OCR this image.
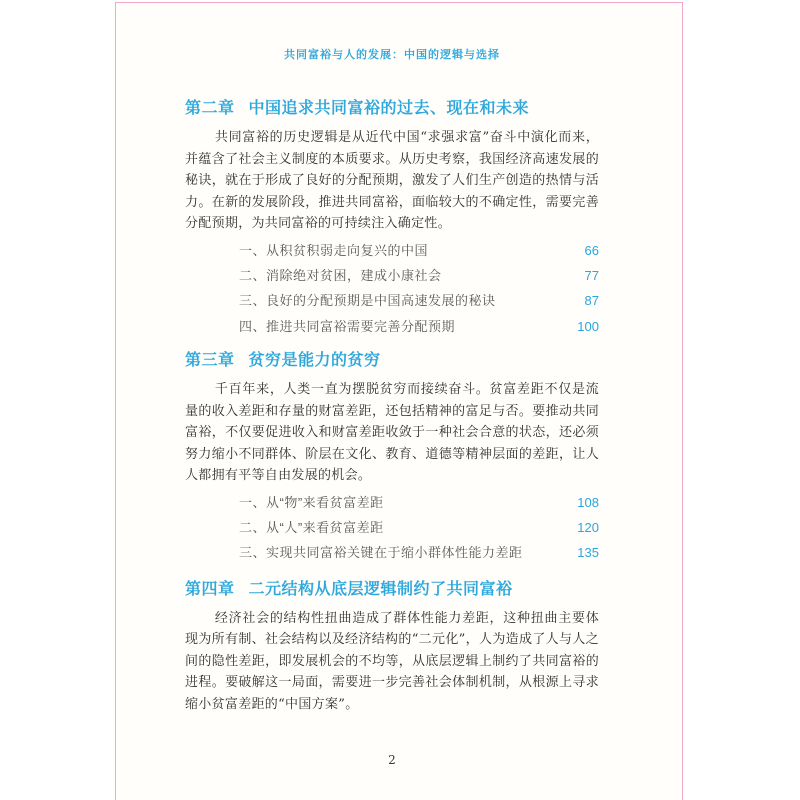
共同富裕与人的发展：中国的逻辑与选择
第二章 中国追求共同富裕的过去、现在和未来

共同富裕的历史逻辑是从近代中国“求强求富”奋斗中演化而来，并蕴含了社会主义制度的本质要求。从历史考察，我国经济高速发展的秘诀，就在于形成了良好的分配预期，激发了人们生产创造的热情与活力。在新的发展阶段，推进共同富裕，面临较大的不确定性，需要完善分配预期，为共同富裕的可持续注入确定性。

一、从积贫积弱走向复兴的中国	66
二、消除绝对贫困，建成小康社会	77
三、良好的分配预期是中国高速发展的秘诀	87
四、推进共同富裕需要完善分配预期	100
第三章 贫穷是能力的贫穷

千百年来，人类一直为摆脱贫穷而接续奋斗。贫富差距不仅是流量的收入差距和存量的财富差距，还包括精神的富足与否。要推动共同富裕，不仅要促进收入和财富差距收敛于一种社会合意的状态，还必须努力缩小不同群体、阶层在文化、教育、道德等精神层面的差距，让人人都拥有平等自由发展的机会。

一、从“物”来看贫富差距	108
二、从“人”来看贫富差距	120
三、实现共同富裕关键在于缩小群体性能力差距	135
第四章 二元结构从底层逻辑制约了共同富裕

经济社会的结构性扭曲造成了群体性能力差距，这种扭曲主要体现为所有制、社会结构以及经济结构的“二元化”，人为造成了人与人之间的隐性差距，即发展机会的不均等，从底层逻辑上制约了共同富裕的进程。要破解这一局面，需要进一步完善社会体制机制，从根源上寻求缩小贫富差距的“中国方案”。

2
